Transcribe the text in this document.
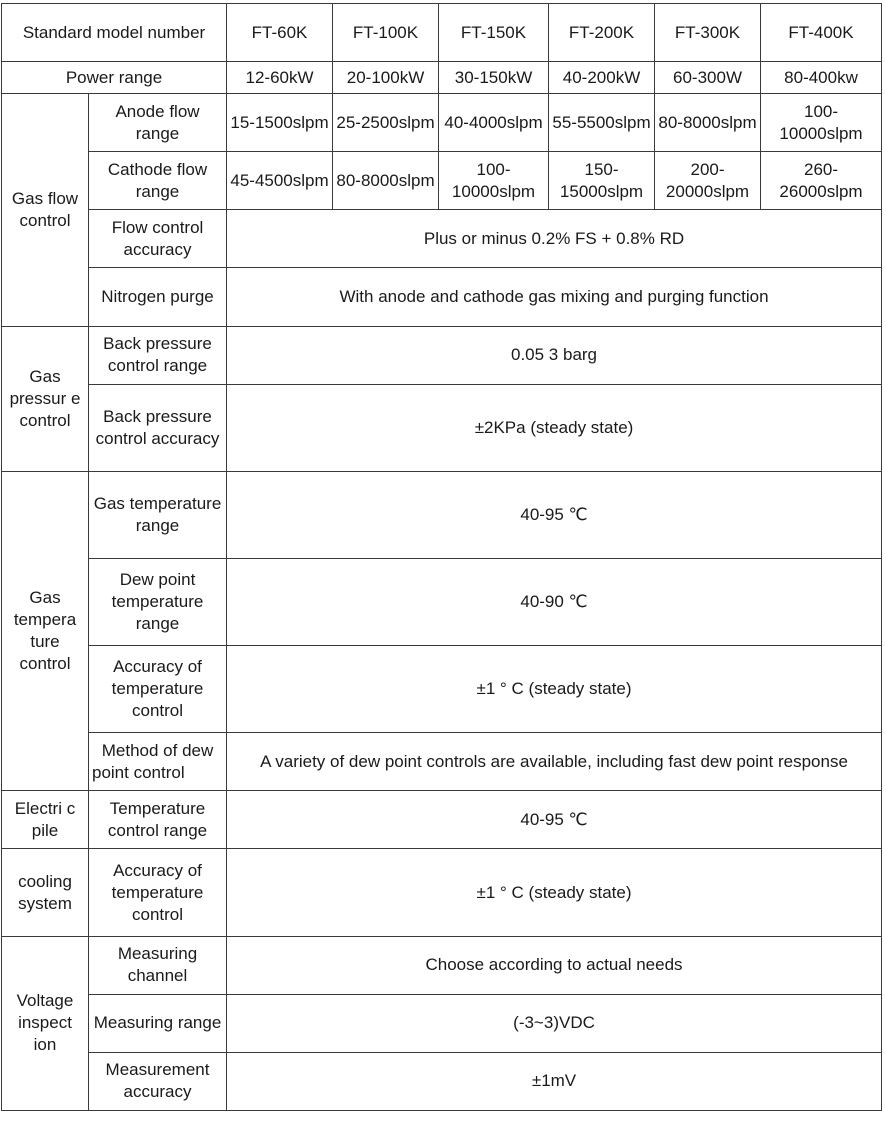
Standard model number		FT-60K	FT-100K	FT-150K	FT-200K	FT-300K	FT-400K
Power range		12-60kW	20-100kW	30-150kW	40-200kW	60-300W	80-400kw
Gas flow control	Anode flow range	15-1500slpm	25-2500slpm	40-4000slpm	55-5500slpm	80-8000slpm	100-10000slpm
	Cathode flow range	45-4500slpm	80-8000slpm	100-10000slpm	150-15000slpm	200-20000slpm	260-26000slpm
	Flow control accuracy	Plus or minus 0.2% FS + 0.8% RD					
	Nitrogen purge	With anode and cathode gas mixing and purging function					
Gas pressur e control	Back pressure control range	0.05 3 barg					
	Back pressure control accuracy	±2KPa (steady state)					
Gas tempera ture control	Gas temperature range	40-95 ℃					
	Dew point temperature range	40-90 ℃					
	Accuracy of temperature control	±1 ° C (steady state)					
	Method of dew point control	A variety of dew point controls are available, including fast dew point response					
Electri c pile	Temperature control range	40-95 ℃					
cooling system	Accuracy of temperature control	±1 ° C (steady state)					
Voltage inspect ion	Measuring channel	Choose according to actual needs					
	Measuring range	(-3~3)VDC					
	Measurement accuracy	±1mV					
